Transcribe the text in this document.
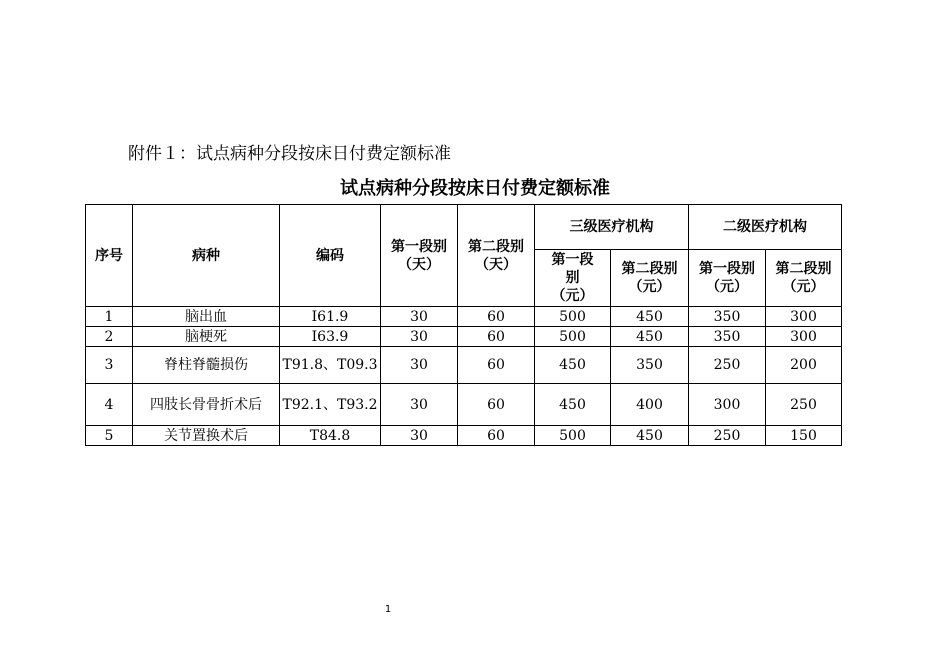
附件１：试点病种分段按床日付费定额标准
试点病种分段按床日付费定额标准
序号	病种	编码	第一段别（天）	第二段别（天）	三级医疗机构		二级医疗机构	
					第一段别（元）	第二段别（元）	第一段别（元）	第二段别（元）
1	脑出血	I61.9	30	60	500	450	350	300
2	脑梗死	I63.9	30	60	500	450	350	300
3	脊柱脊髓损伤	T91.8、T09.3	30	60	450	350	250	200
4	四肢长骨骨折术后	T92.1、T93.2	30	60	450	400	300	250
5	关节置换术后	T84.8	30	60	500	450	250	150
1
